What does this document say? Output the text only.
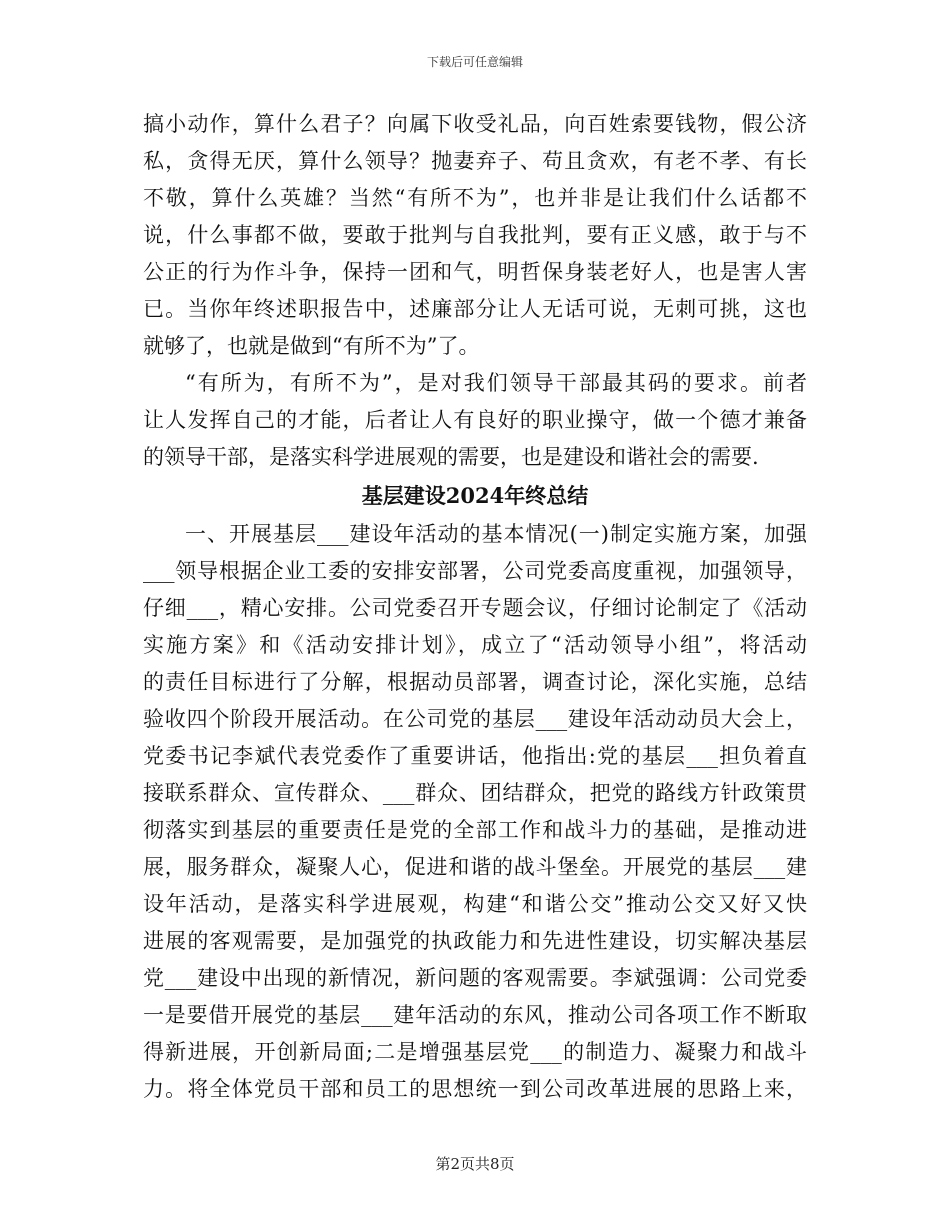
下载后可任意编辑
搞小动作，算什么君子？向属下收受礼品，向百姓索要钱物，假公济
私，贪得无厌，算什么领导？抛妻弃子、苟且贪欢，有老不孝、有长
不敬，算什么英雄？当然“有所不为”，也并非是让我们什么话都不
说，什么事都不做，要敢于批判与自我批判，要有正义感，敢于与不
公正的行为作斗争，保持一团和气，明哲保身装老好人，也是害人害
已。当你年终述职报告中，述廉部分让人无话可说，无刺可挑，这也
就够了，也就是做到“有所不为”了。
“有所为，有所不为”，是对我们领导干部最其码的要求。前者
让人发挥自己的才能，后者让人有良好的职业操守，做一个德才兼备
的领导干部，是落实科学进展观的需要，也是建设和谐社会的需要.
基层建设2024年终总结
一、开展基层___建设年活动的基本情况(一)制定实施方案，加强
___领导根据企业工委的安排安部署，公司党委高度重视，加强领导，
仔细___，精心安排。公司党委召开专题会议，仔细讨论制定了《活动
实施方案》和《活动安排计划》，成立了“活动领导小组”，将活动
的责任目标进行了分解，根据动员部署，调查讨论，深化实施，总结
验收四个阶段开展活动。在公司党的基层___建设年活动动员大会上，
党委书记李斌代表党委作了重要讲话，他指出:党的基层___担负着直
接联系群众、宣传群众、___群众、团结群众，把党的路线方针政策贯
彻落实到基层的重要责任是党的全部工作和战斗力的基础，是推动进
展，服务群众，凝聚人心，促进和谐的战斗堡垒。开展党的基层___建
设年活动，是落实科学进展观，构建“和谐公交”推动公交又好又快
进展的客观需要，是加强党的执政能力和先进性建设，切实解决基层
党___建设中出现的新情况，新问题的客观需要。李斌强调：公司党委
一是要借开展党的基层___建年活动的东风，推动公司各项工作不断取
得新进展，开创新局面;二是增强基层党___的制造力、凝聚力和战斗
力。将全体党员干部和员工的思想统一到公司改革进展的思路上来，
第2页共8页
